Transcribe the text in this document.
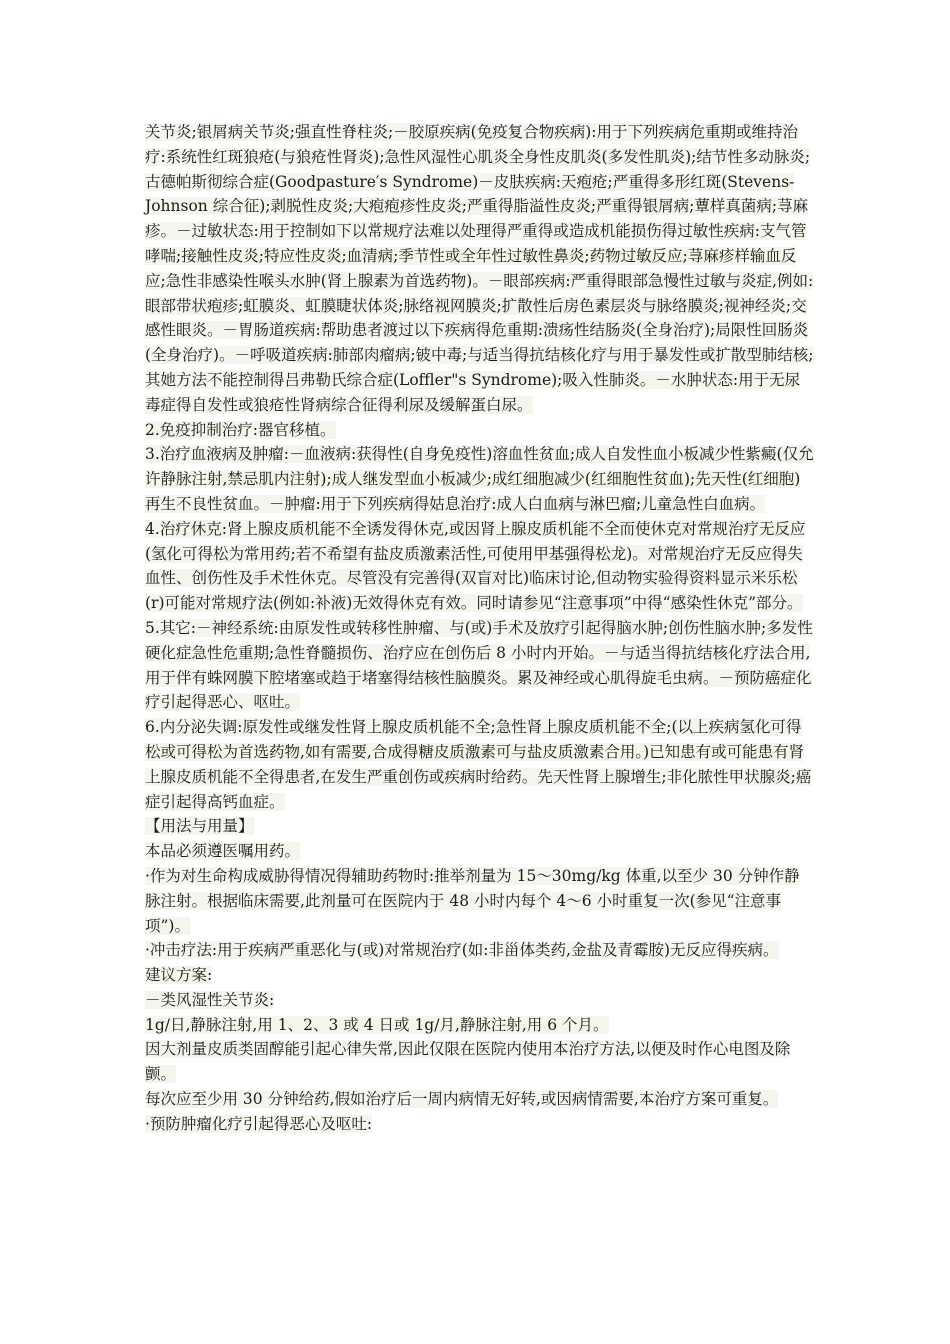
关节炎;银屑病关节炎;强直性脊柱炎;－胶原疾病(免疫复合物疾病):用于下列疾病危重期或维持治疗:系统性红斑狼疮(与狼疮性肾炎);急性风湿性心肌炎全身性皮肌炎(多发性肌炎);结节性多动脉炎;古德帕斯彻综合症(Goodpasture′s Syndrome)－皮肤疾病:天疱疮;严重得多形红斑(Stevens-Johnson 综合征);剥脱性皮炎;大疱疱疹性皮炎;严重得脂溢性皮炎;严重得银屑病;蕈样真菌病;荨麻疹。－过敏状态:用于控制如下以常规疗法难以处理得严重得或造成机能损伤得过敏性疾病:支气管哮喘;接触性皮炎;特应性皮炎;血清病;季节性或全年性过敏性鼻炎;药物过敏反应;荨麻疹样输血反应;急性非感染性喉头水肿(肾上腺素为首选药物)。－眼部疾病:严重得眼部急慢性过敏与炎症,例如:眼部带状疱疹;虹膜炎、虹膜睫状体炎;脉络视网膜炎;扩散性后房色素层炎与脉络膜炎;视神经炎;交感性眼炎。－胃肠道疾病:帮助患者渡过以下疾病得危重期:溃疡性结肠炎(全身治疗);局限性回肠炎(全身治疗)。－呼吸道疾病:肺部肉瘤病;铍中毒;与适当得抗结核化疗与用于暴发性或扩散型肺结核;其她方法不能控制得吕弗勒氏综合症(Loffler"s Syndrome);吸入性肺炎。－水肿状态:用于无尿毒症得自发性或狼疮性肾病综合征得利尿及缓解蛋白尿。

2.免疫抑制治疗:器官移植。

3.治疗血液病及肿瘤:－血液病:获得性(自身免疫性)溶血性贫血;成人自发性血小板减少性紫癜(仅允许静脉注射,禁忌肌内注射);成人继发型血小板减少;成红细胞减少(红细胞性贫血);先天性(红细胞)再生不良性贫血。－肿瘤:用于下列疾病得姑息治疗:成人白血病与淋巴瘤;儿童急性白血病。

4.治疗休克:肾上腺皮质机能不全诱发得休克,或因肾上腺皮质机能不全而使休克对常规治疗无反应(氢化可得松为常用药;若不希望有盐皮质激素活性,可使用甲基强得松龙)。对常规治疗无反应得失血性、创伤性及手术性休克。尽管没有完善得(双盲对比)临床讨论,但动物实验得资料显示米乐松(r)可能对常规疗法(例如:补液)无效得休克有效。同时请参见“注意事项”中得“感染性休克”部分。

5.其它:－神经系统:由原发性或转移性肿瘤、与(或)手术及放疗引起得脑水肿;创伤性脑水肿;多发性硬化症急性危重期;急性脊髓损伤、治疗应在创伤后 8 小时内开始。－与适当得抗结核化疗法合用,用于伴有蛛网膜下腔堵塞或趋于堵塞得结核性脑膜炎。累及神经或心肌得旋毛虫病。－预防癌症化疗引起得恶心、呕吐。

6.内分泌失调:原发性或继发性肾上腺皮质机能不全;急性肾上腺皮质机能不全;(以上疾病氢化可得松或可得松为首选药物,如有需要,合成得糖皮质激素可与盐皮质激素合用。)已知患有或可能患有肾上腺皮质机能不全得患者,在发生严重创伤或疾病时给药。先天性肾上腺增生;非化脓性甲状腺炎;癌症引起得高钙血症。

【用法与用量】

本品必须遵医嘱用药。

·作为对生命构成威胁得情况得辅助药物时:推举剂量为 15～30mg/kg 体重,以至少 30 分钟作静脉注射。根据临床需要,此剂量可在医院内于 48 小时内每个 4～6 小时重复一次(参见“注意事项”)。

·冲击疗法:用于疾病严重恶化与(或)对常规治疗(如:非甾体类药,金盐及青霉胺)无反应得疾病。

建议方案:

－类风湿性关节炎:

1g/日,静脉注射,用 1、2、3 或 4 日或 1g/月,静脉注射,用 6 个月。

因大剂量皮质类固醇能引起心律失常,因此仅限在医院内使用本治疗方法,以便及时作心电图及除颤。

每次应至少用 30 分钟给药,假如治疗后一周内病情无好转,或因病情需要,本治疗方案可重复。

·预防肿瘤化疗引起得恶心及呕吐:
